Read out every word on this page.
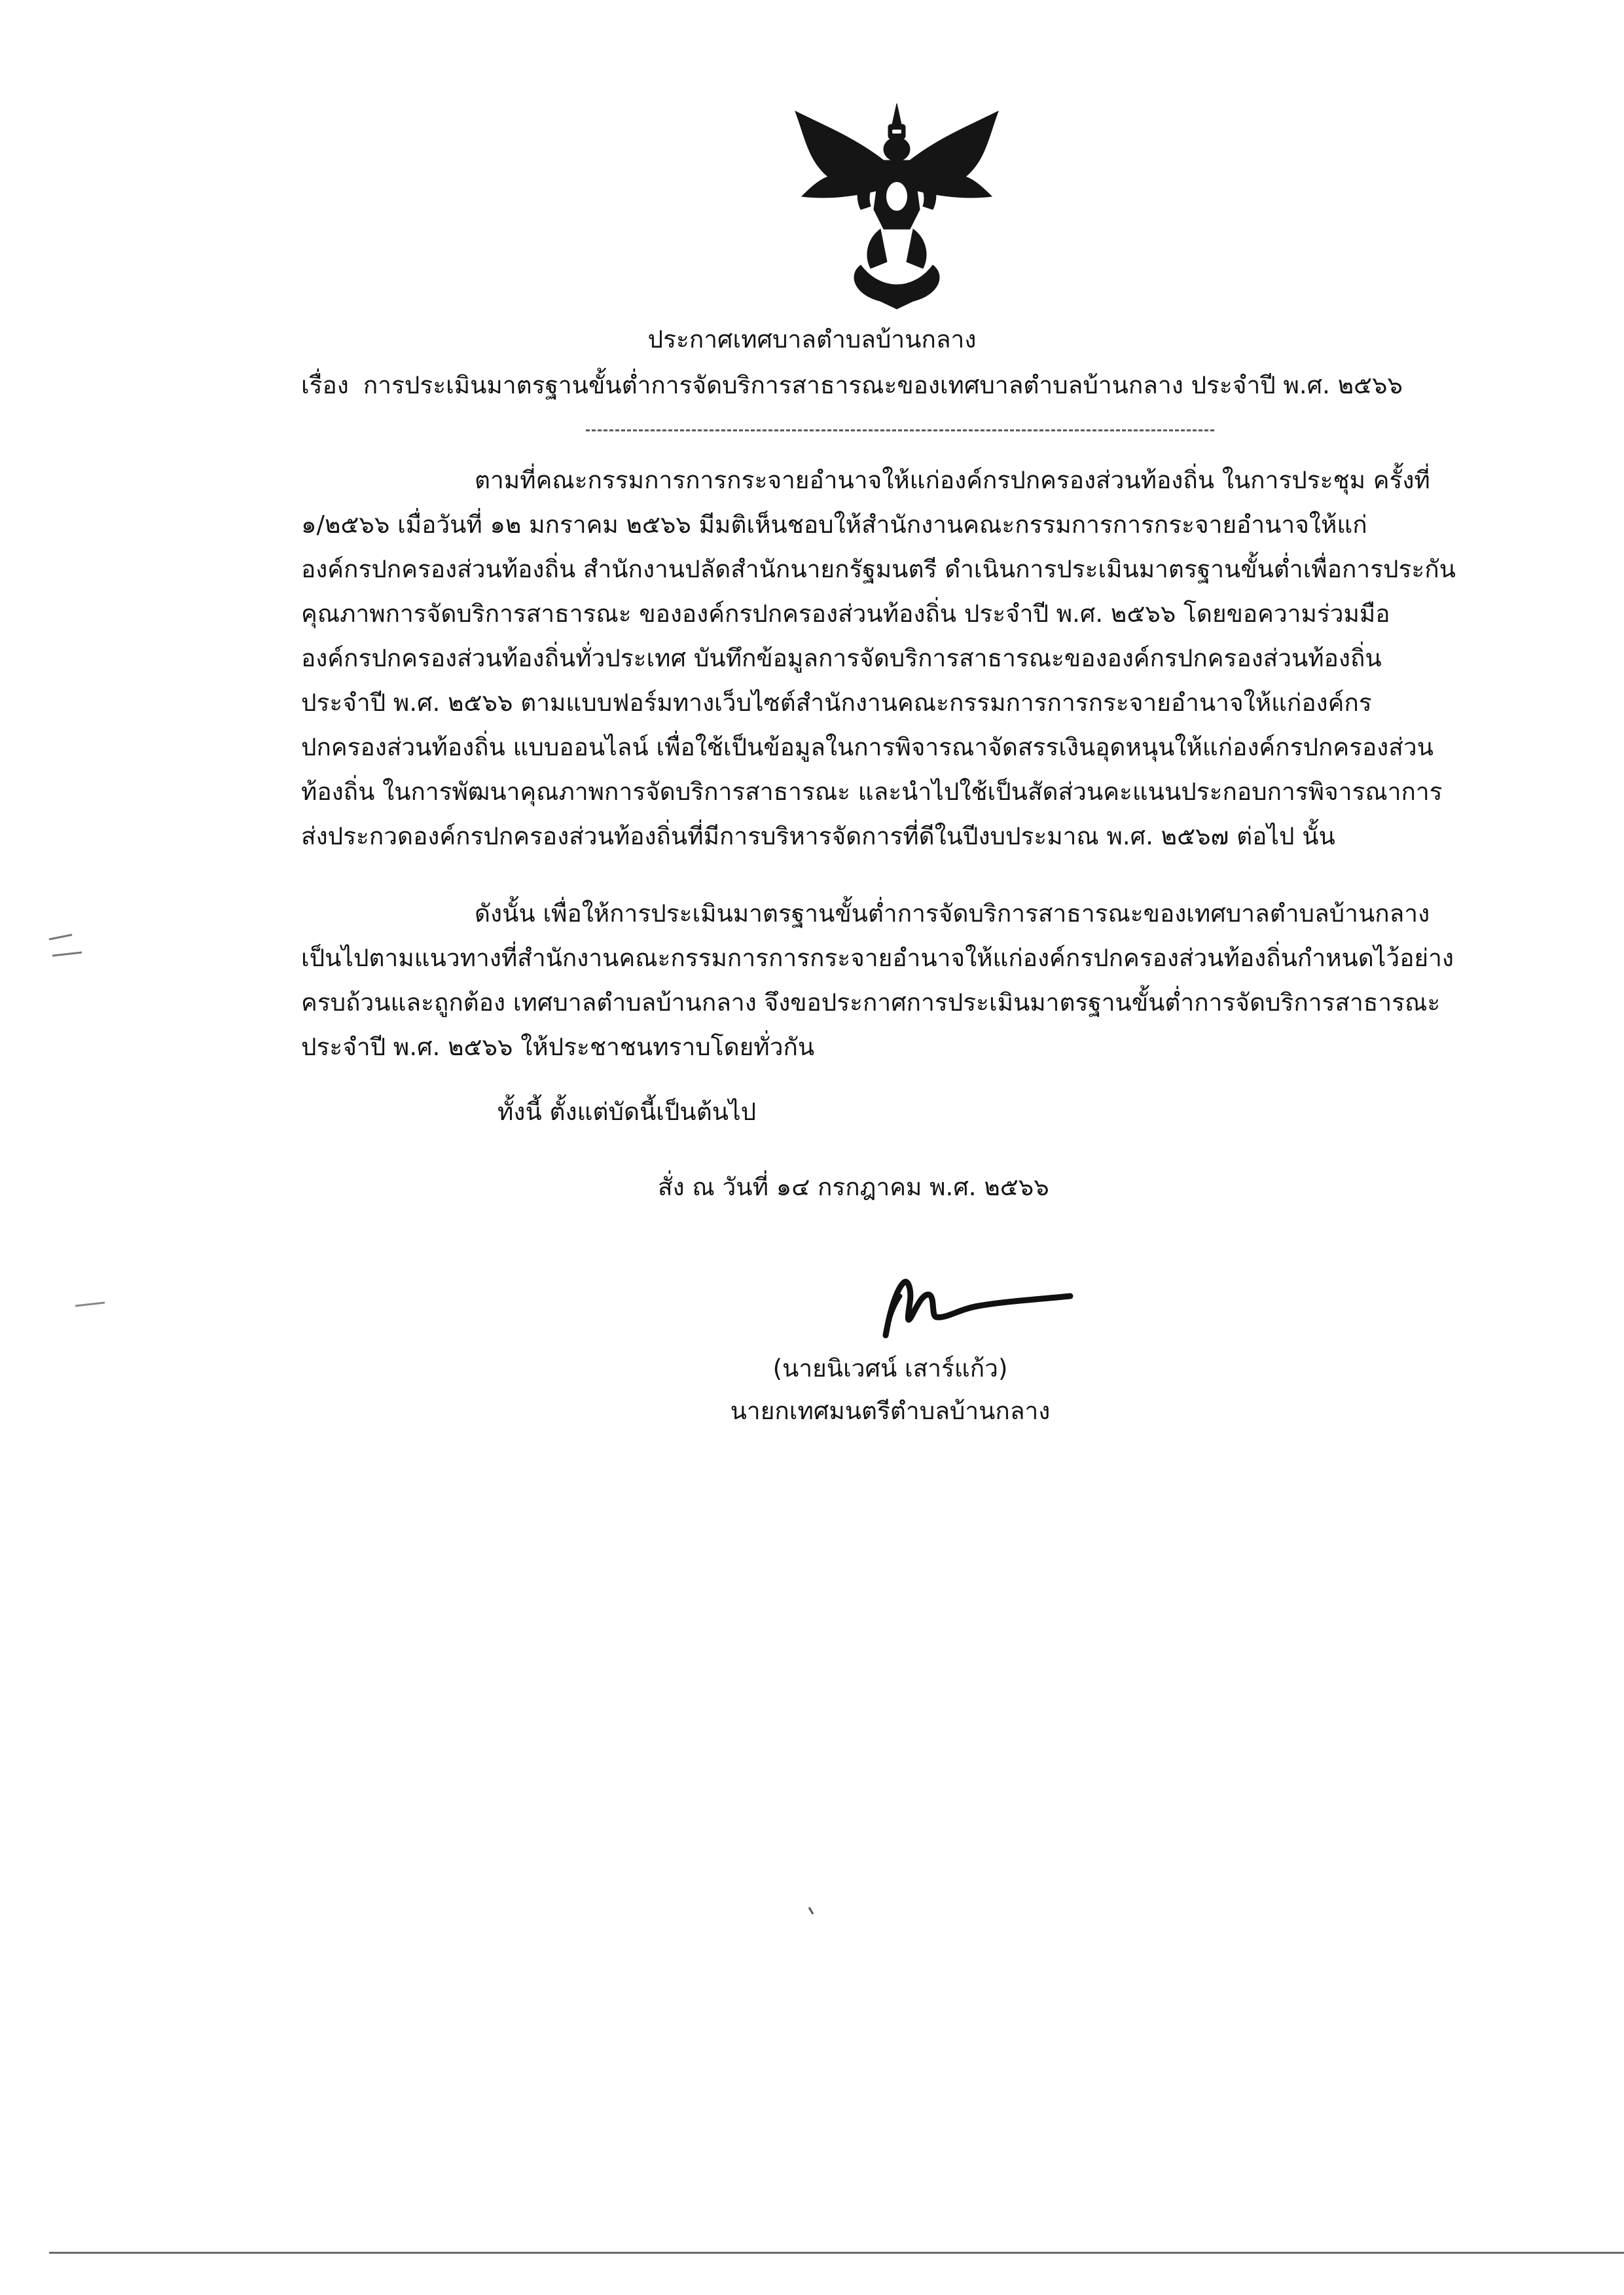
ประกาศเทศบาลตำบลบ้านกลาง
เรื่อง การประเมินมาตรฐานขั้นต่ำการจัดบริการสาธารณะของเทศบาลตำบลบ้านกลาง ประจำปี พ.ศ. ๒๕๖๖
ตามที่คณะกรรมการการกระจายอำนาจให้แก่องค์กรปกครองส่วนท้องถิ่น ในการประชุม ครั้งที่
๑/๒๕๖๖ เมื่อวันที่ ๑๒ มกราคม ๒๕๖๖ มีมติเห็นชอบให้สำนักงานคณะกรรมการการกระจายอำนาจให้แก่
องค์กรปกครองส่วนท้องถิ่น สำนักงานปลัดสำนักนายกรัฐมนตรี ดำเนินการประเมินมาตรฐานขั้นต่ำเพื่อการประกัน
คุณภาพการจัดบริการสาธารณะ ขององค์กรปกครองส่วนท้องถิ่น ประจำปี พ.ศ. ๒๕๖๖ โดยขอความร่วมมือ
องค์กรปกครองส่วนท้องถิ่นทั่วประเทศ บันทึกข้อมูลการจัดบริการสาธารณะขององค์กรปกครองส่วนท้องถิ่น
ประจำปี พ.ศ. ๒๕๖๖ ตามแบบฟอร์มทางเว็บไซต์สำนักงานคณะกรรมการการกระจายอำนาจให้แก่องค์กร
ปกครองส่วนท้องถิ่น แบบออนไลน์ เพื่อใช้เป็นข้อมูลในการพิจารณาจัดสรรเงินอุดหนุนให้แก่องค์กรปกครองส่วน
ท้องถิ่น ในการพัฒนาคุณภาพการจัดบริการสาธารณะ และนำไปใช้เป็นสัดส่วนคะแนนประกอบการพิจารณาการ
ส่งประกวดองค์กรปกครองส่วนท้องถิ่นที่มีการบริหารจัดการที่ดีในปีงบประมาณ พ.ศ. ๒๕๖๗ ต่อไป นั้น
ดังนั้น เพื่อให้การประเมินมาตรฐานขั้นต่ำการจัดบริการสาธารณะของเทศบาลตำบลบ้านกลาง
เป็นไปตามแนวทางที่สำนักงานคณะกรรมการการกระจายอำนาจให้แก่องค์กรปกครองส่วนท้องถิ่นกำหนดไว้อย่าง
ครบถ้วนและถูกต้อง เทศบาลตำบลบ้านกลาง จึงขอประกาศการประเมินมาตรฐานขั้นต่ำการจัดบริการสาธารณะ
ประจำปี พ.ศ. ๒๕๖๖ ให้ประชาชนทราบโดยทั่วกัน
ทั้งนี้ ตั้งแต่บัดนี้เป็นต้นไป
สั่ง ณ วันที่ ๑๔ กรกฎาคม พ.ศ. ๒๕๖๖
(นายนิเวศน์ เสาร์แก้ว)
นายกเทศมนตรีตำบลบ้านกลาง
